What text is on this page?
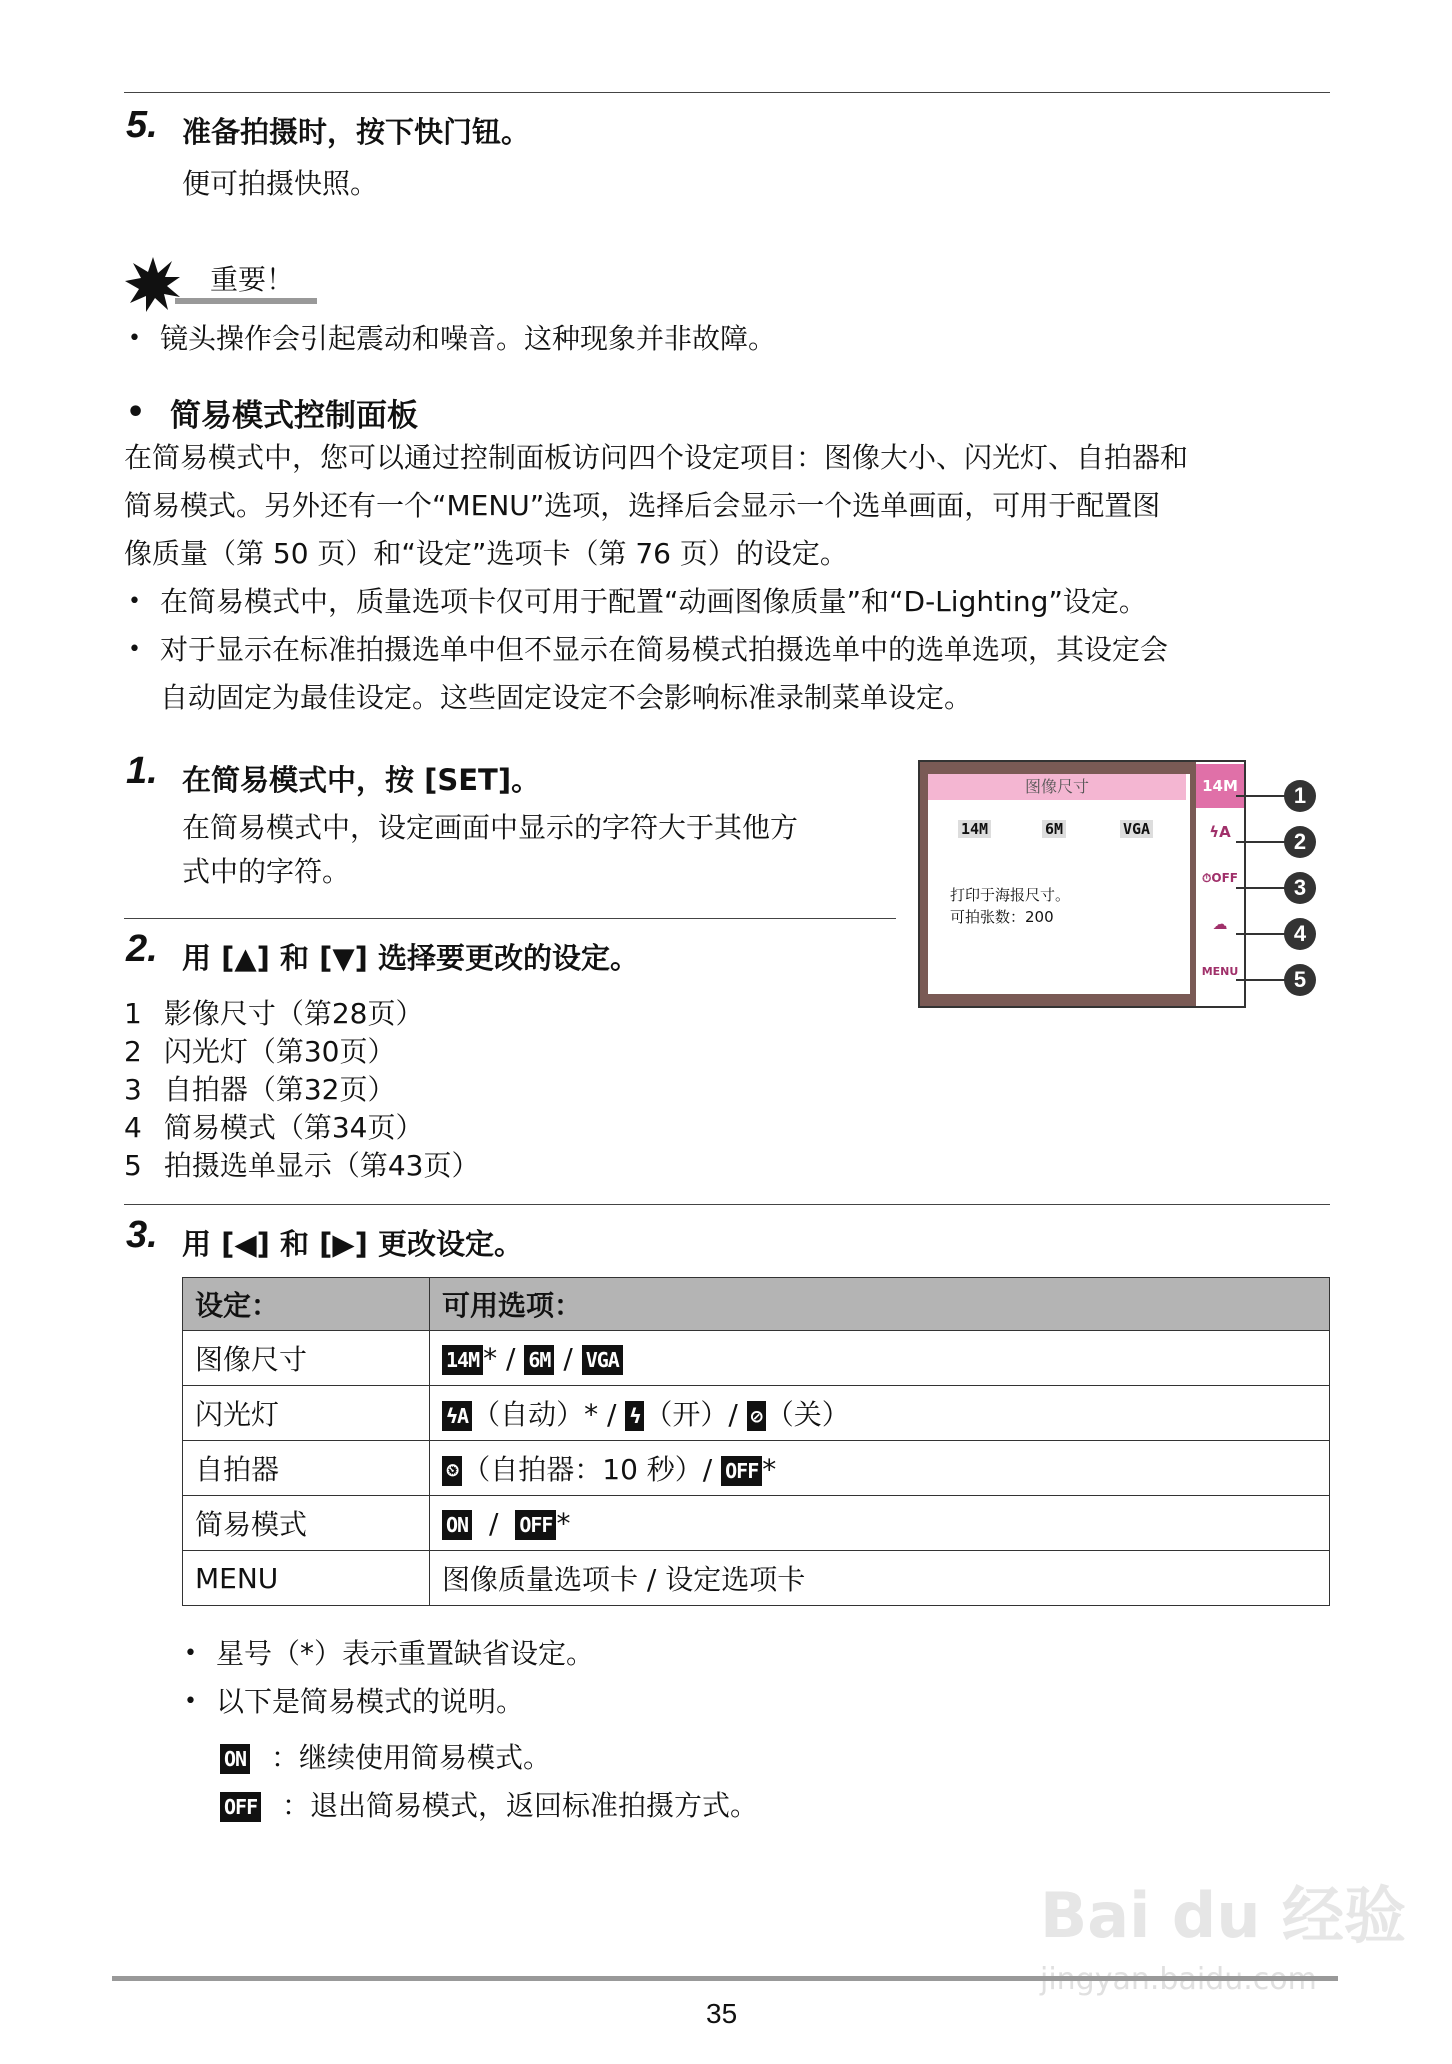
5. 准备拍摄时，按下快门钮。
便可拍摄快照。
重要！
• 镜头操作会引起震动和噪音。这种现象并非故障。
• 简易模式控制面板
在简易模式中，您可以通过控制面板访问四个设定项目：图像大小、闪光灯、自拍器和
简易模式。另外还有一个“MENU”选项，选择后会显示一个选单画面，可用于配置图
像质量（第 50 页）和“设定”选项卡（第 76 页）的设定。
• 在简易模式中，质量选项卡仅可用于配置“动画图像质量”和“D-Lighting”设定。
• 对于显示在标准拍摄选单中但不显示在简易模式拍摄选单中的选单选项，其设定会
自动固定为最佳设定。这些固定设定不会影响标准录制菜单设定。
1. 在简易模式中，按 [SET]。
在简易模式中，设定画面中显示的字符大于其他方
式中的字符。
2. 用 [▲] 和 [▼] 选择要更改的设定。
1 影像尺寸（第28页）
2 闪光灯（第30页）
3 自拍器（第32页）
4 简易模式（第34页）
5 拍摄选单显示（第43页）
图像尺寸
14M	6M	VGA
打印于海报尺寸。
可拍张数：200
14M
ϟA
⏱OFF
☁
MENU
1
2
3
4
5
3. 用 [◀] 和 [▶] 更改设定。
设定：	可用选项：
图像尺寸	14M * / 6M / VGA
闪光灯	ϟA （自动）* / ϟ （开）/ ⊘ （关）
自拍器	⏲ （自拍器：10 秒）/ OFF *
简易模式	ON / OFF *
MENU	图像质量选项卡 / 设定选项卡
• 星号（*）表示重置缺省设定。
• 以下是简易模式的说明。
ON ：继续使用简易模式。
OFF ：退出简易模式，返回标准拍摄方式。
Bai du 经验
35
